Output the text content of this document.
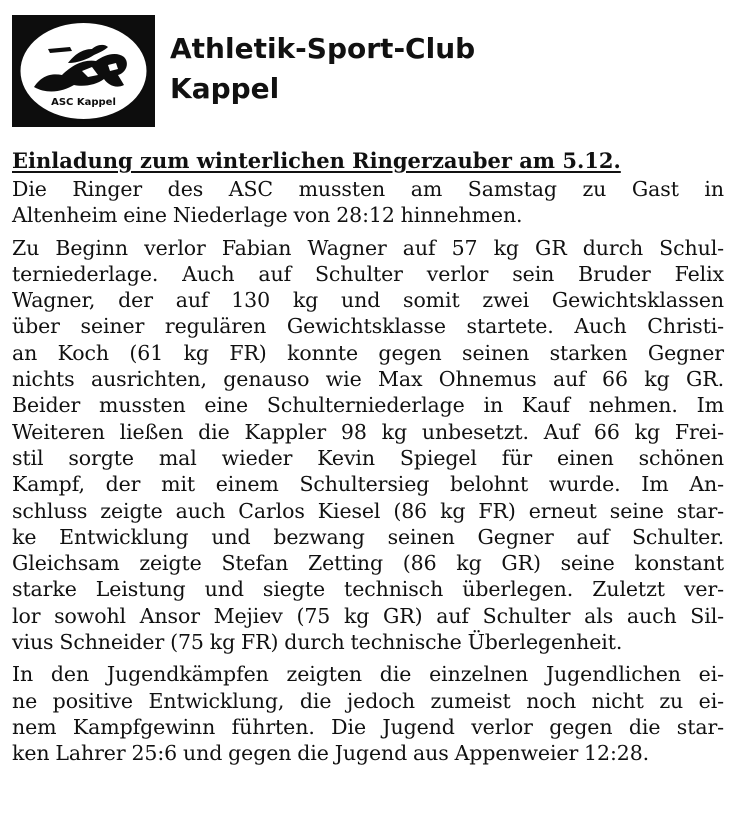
ASC Kappel
Athletik-Sport-Club
Kappel
Einladung zum winterlichen Ringerzauber am 5.12.
Die Ringer des ASC mussten am Samstag zu Gast in
Altenheim eine Niederlage von 28:12 hinnehmen.
Zu Beginn verlor Fabian Wagner auf 57 kg GR durch Schul-
terniederlage. Auch auf Schulter verlor sein Bruder Felix
Wagner, der auf 130 kg und somit zwei Gewichtsklassen
über seiner regulären Gewichtsklasse startete. Auch Christi-
an Koch (61 kg FR) konnte gegen seinen starken Gegner
nichts ausrichten, genauso wie Max Ohnemus auf 66 kg GR.
Beider mussten eine Schulterniederlage in Kauf nehmen. Im
Weiteren ließen die Kappler 98 kg unbesetzt. Auf 66 kg Frei-
stil sorgte mal wieder Kevin Spiegel für einen schönen
Kampf, der mit einem Schultersieg belohnt wurde. Im An-
schluss zeigte auch Carlos Kiesel (86 kg FR) erneut seine star-
ke Entwicklung und bezwang seinen Gegner auf Schulter.
Gleichsam zeigte Stefan Zetting (86 kg GR) seine konstant
starke Leistung und siegte technisch überlegen. Zuletzt ver-
lor sowohl Ansor Mejiev (75 kg GR) auf Schulter als auch Sil-
vius Schneider (75 kg FR) durch technische Überlegenheit.
In den Jugendkämpfen zeigten die einzelnen Jugendlichen ei-
ne positive Entwicklung, die jedoch zumeist noch nicht zu ei-
nem Kampfgewinn führten. Die Jugend verlor gegen die star-
ken Lahrer 25:6 und gegen die Jugend aus Appenweier 12:28.
